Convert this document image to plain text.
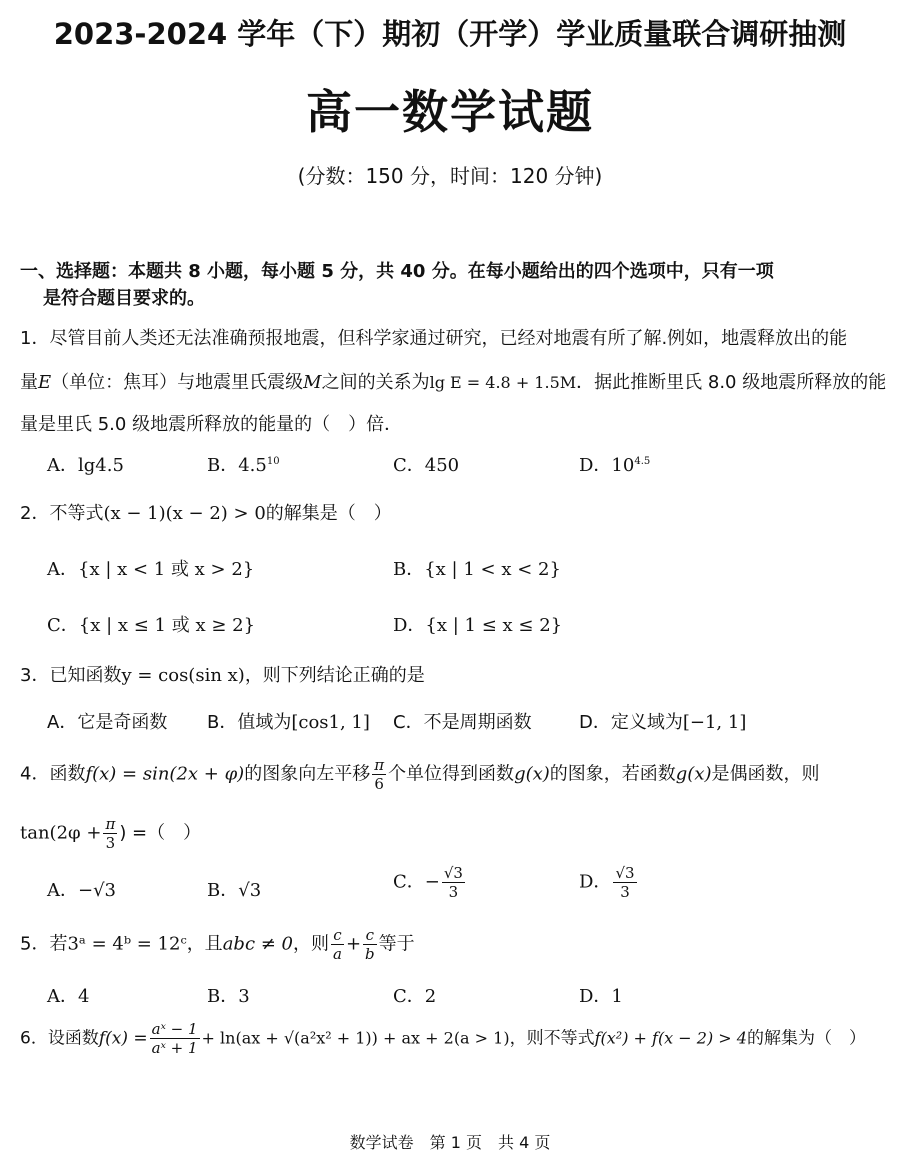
2023-2024 学年（下）期初（开学）学业质量联合调研抽测
高一数学试题
(分数：150 分，时间：120 分钟)
一、选择题：本题共 8 小题，每小题 5 分，共 40 分。在每小题给出的四个选项中，只有一项
是符合题目要求的。
1．尽管目前人类还无法准确预报地震，但科学家通过研究，已经对地震有所了解.例如，地震释放出的能
量E（单位：焦耳）与地震里氏震级M之间的关系为lg E = 4.8 + 1.5M．据此推断里氏 8.0 级地震所释放的能
量是里氏 5.0 级地震所释放的能量的（　）倍．
A．lg4.5	B．$4.5^{10}$	C．450	D．$10^{4.5}$
2．不等式(x − 1)(x − 2) > 0的解集是（　）
A．{x | x < 1 或 x > 2}	B．{x | 1 < x < 2}
C．{x | x ≤ 1 或 x ≥ 2}	D．{x | 1 ≤ x ≤ 2}
3．已知函数y = cos(sin x)，则下列结论正确的是
A．它是奇函数 B．值域为[cos1, 1] C．不是周期函数	D．定义域为[−1, 1]
4．函数f(x) = sin(2x + φ)的图象向左平移 $\frac{\pi}{6}$ 个单位得到函数g(x)的图象，若函数g(x)是偶函数，则
$\tan(2\varphi + \frac{\pi}{3}$ ) =（　）
A．−√3	B．√3	C．− $\frac{√3}{3}$	D． $\frac{√3}{3}$
5．若3ᵃ = 4ᵇ = 12ᶜ，且abc ≠ 0，则 $\frac{c}{a} + \frac{c}{b}$ 等于
A．4	B．3	C．2	D．1
6．设函数$f(x) = \frac{\text{aˣ − 1}}{\text{aˣ + 1}} + \ln(ax + √(a^2x^2 + 1))$ + ax + 2(a > 1)，则不等式f(x²) + f(x − 2) > 4的解集为（　）
数学试卷　第 1 页　共 4 页
